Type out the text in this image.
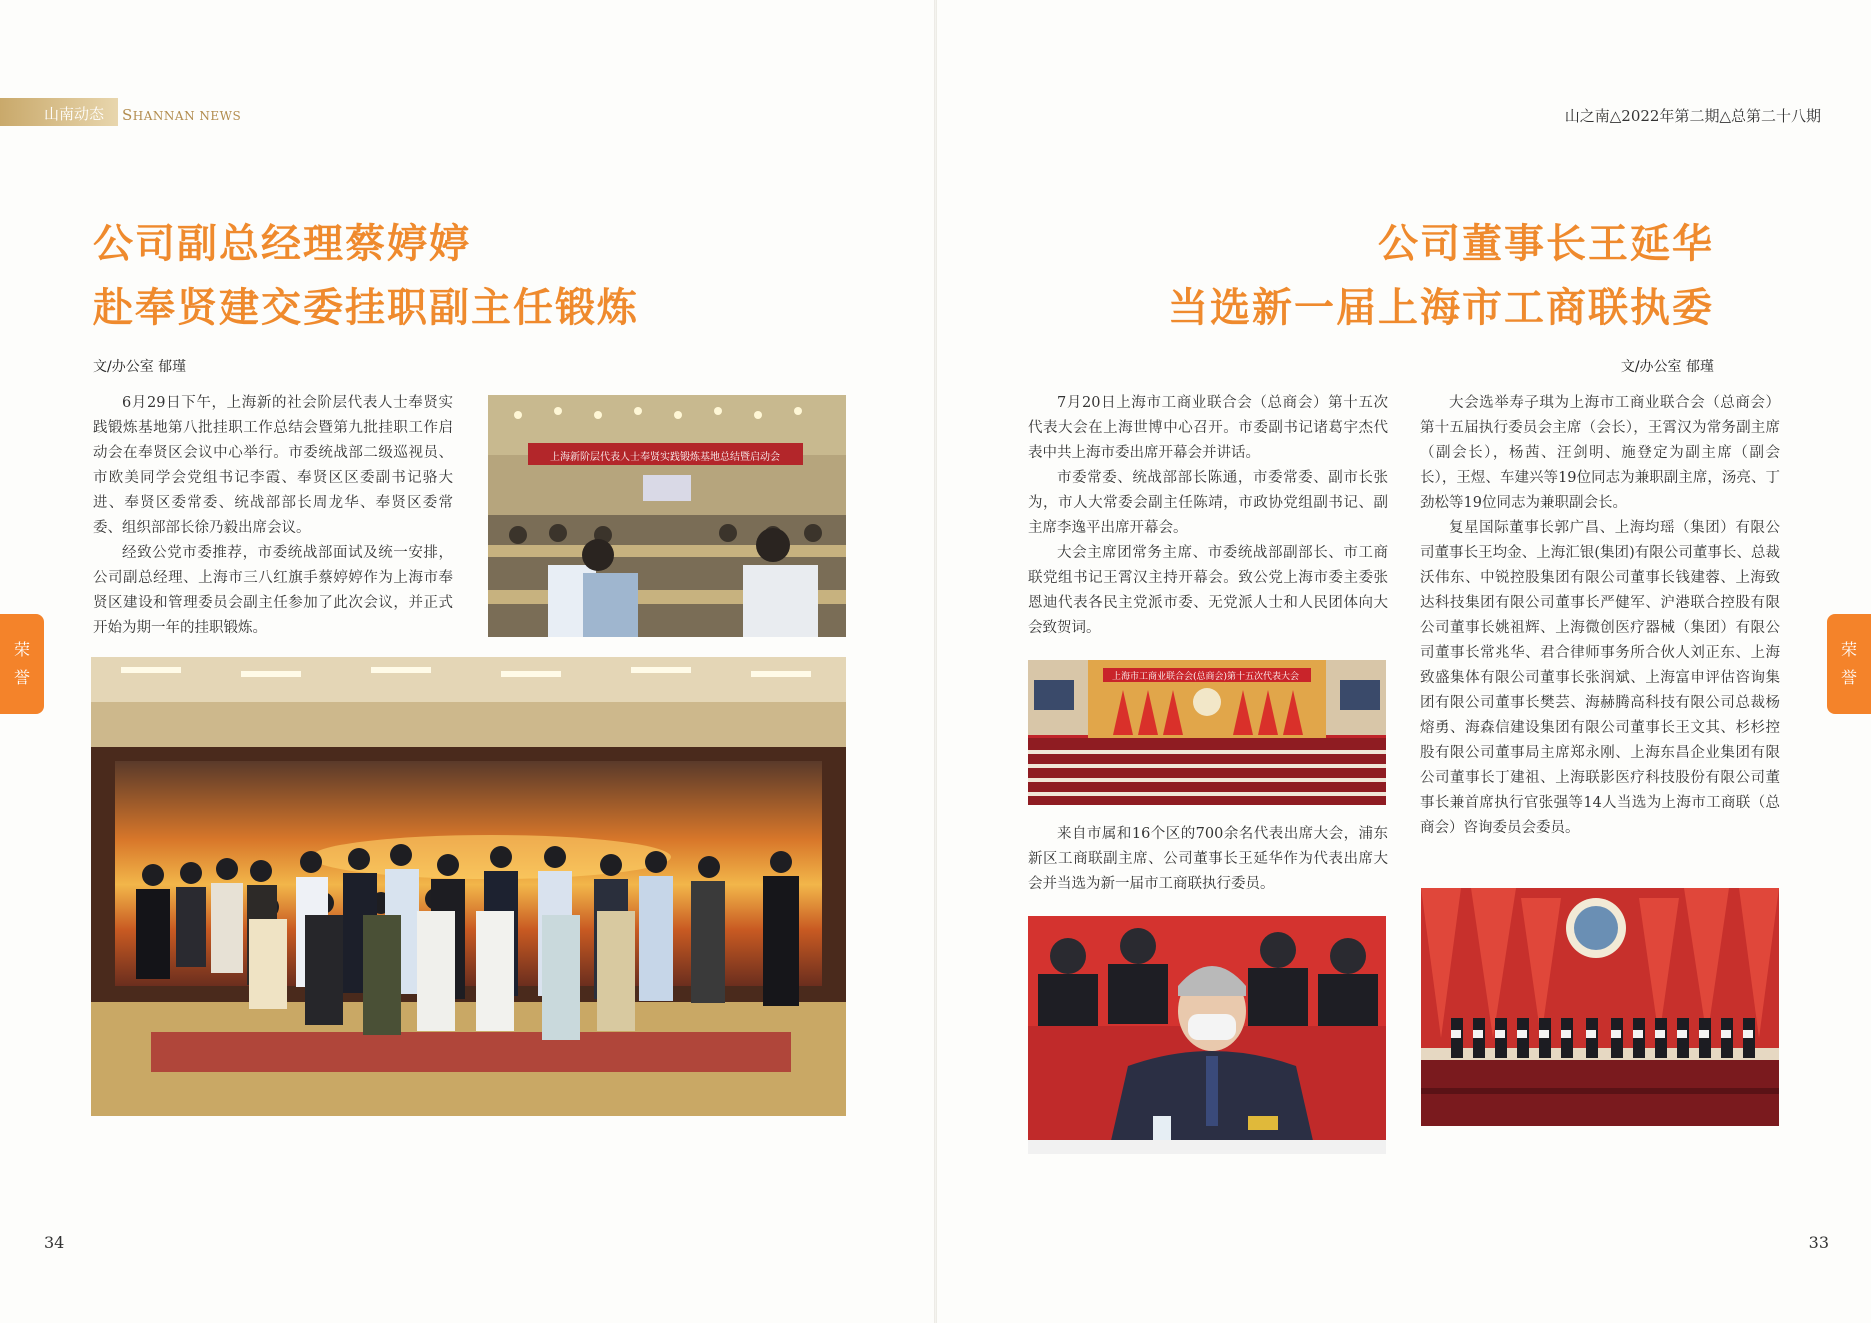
山南动态 SHANNAN NEWS
公司副总经理蔡婷婷
赴奉贤建交委挂职副主任锻炼
文/办公室 郁瑾

6月29日下午，上海新的社会阶层代表人士奉贤实践锻炼基地第八批挂职工作总结会暨第九批挂职工作启动会在奉贤区会议中心举行。市委统战部二级巡视员、市欧美同学会党组书记李霞、奉贤区区委副书记骆大进、奉贤区委常委、统战部部长周龙华、奉贤区委常委、组织部部长徐乃毅出席会议。

经致公党市委推荐，市委统战部面试及统一安排，公司副总经理、上海市三八红旗手蔡婷婷作为上海市奉贤区建设和管理委员会副主任参加了此次会议，并正式开始为期一年的挂职锻炼。

上海新阶层代表人士奉贤实践锻炼基地总结暨启动会
荣
誉
34
山之南△2022年第二期△总第二十八期
公司董事长王延华
当选新一届上海市工商联执委
文/办公室 郁瑾

7月20日上海市工商业联合会（总商会）第十五次代表大会在上海世博中心召开。市委副书记诸葛宇杰代表中共上海市委出席开幕会并讲话。

市委常委、统战部部长陈通，市委常委、副市长张为，市人大常委会副主任陈靖，市政协党组副书记、副主席李逸平出席开幕会。

大会主席团常务主席、市委统战部副部长、市工商联党组书记王霄汉主持开幕会。致公党上海市委主委张恩迪代表各民主党派市委、无党派人士和人民团体向大会致贺词。

上海市工商业联合会(总商会)第十五次代表大会

来自市属和16个区的700余名代表出席大会，浦东新区工商联副主席、公司董事长王延华作为代表出席大会并当选为新一届市工商联执行委员。

大会选举寿子琪为上海市工商业联合会（总商会）第十五届执行委员会主席（会长），王霄汉为常务副主席（副会长），杨茜、汪剑明、施登定为副主席（副会长），王煜、车建兴等19位同志为兼职副主席，汤亮、丁劲松等19位同志为兼职副会长。

复星国际董事长郭广昌、上海均瑶（集团）有限公司董事长王均金、上海汇银(集团)有限公司董事长、总裁沃伟东、中锐控股集团有限公司董事长钱建蓉、上海致达科技集团有限公司董事长严健军、沪港联合控股有限公司董事长姚祖辉、上海微创医疗器械（集团）有限公司董事长常兆华、君合律师事务所合伙人刘正东、上海致盛集体有限公司董事长张润斌、上海富申评估咨询集团有限公司董事长樊芸、海赫腾高科技有限公司总裁杨熔勇、海森信建设集团有限公司董事长王文其、杉杉控股有限公司董事局主席郑永刚、上海东昌企业集团有限公司董事长丁建祖、上海联影医疗科技股份有限公司董事长兼首席执行官张强等14人当选为上海市工商联（总商会）咨询委员会委员。

荣
誉
33
